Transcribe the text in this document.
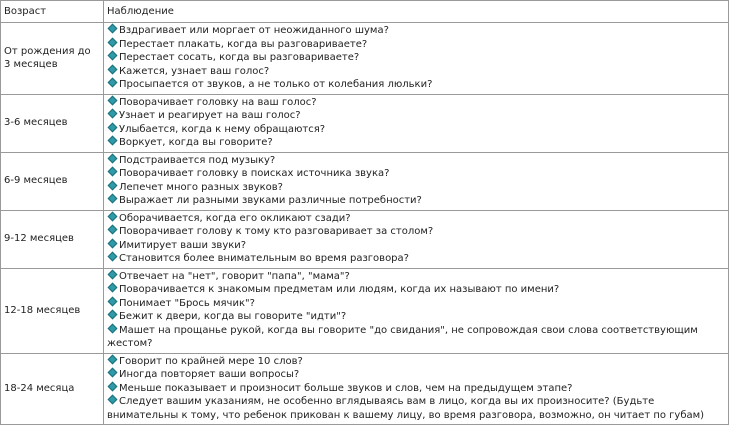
Возраст	Наблюдение
От рождения до 3 месяцев	Вздрагивает или моргает от неожиданного шума?
Перестает плакать, когда вы разговариваете?
Перестает сосать, когда вы разговариваете?
Кажется, узнает ваш голос?
Просыпается от звуков, а не только от колебания люльки?

3-6 месяцев	Поворачивает головку на ваш голос?
Узнает и реагирует на ваш голос?
Улыбается, когда к нему обращаются?
Воркует, когда вы говорите?

6-9 месяцев	Подстраивается под музыку?
Поворачивает головку в поисках источника звука?
Лепечет много разных звуков?
Выражает ли разными звуками различные потребности?

9-12 месяцев	Оборачивается, когда его окликают сзади?
Поворачивает голову к тому кто разговаривает за столом?
Имитирует ваши звуки?
Становится более внимательным во время разговора?

12-18 месяцев	Отвечает на "нет", говорит "папа", "мама"?
Поворачивается к знакомым предметам или людям, когда их называют по имени?
Понимает "Брось мячик"?
Бежит к двери, когда вы говорите "идти"?
Машет на прощанье рукой, когда вы говорите "до свидания", не сопровождая свои слова соответствующим жестом?

18-24 месяца	Говорит по крайней мере 10 слов?
Иногда повторяет ваши вопросы?
Меньше показывает и произносит больше звуков и слов, чем на предыдущем этапе?
Следует вашим указаниям, не особенно вглядываясь вам в лицо, когда вы их произносите? (Будьте внимательны к тому, что ребенок прикован к вашему лицу, во время разговора, возможно, он читает по губам)
